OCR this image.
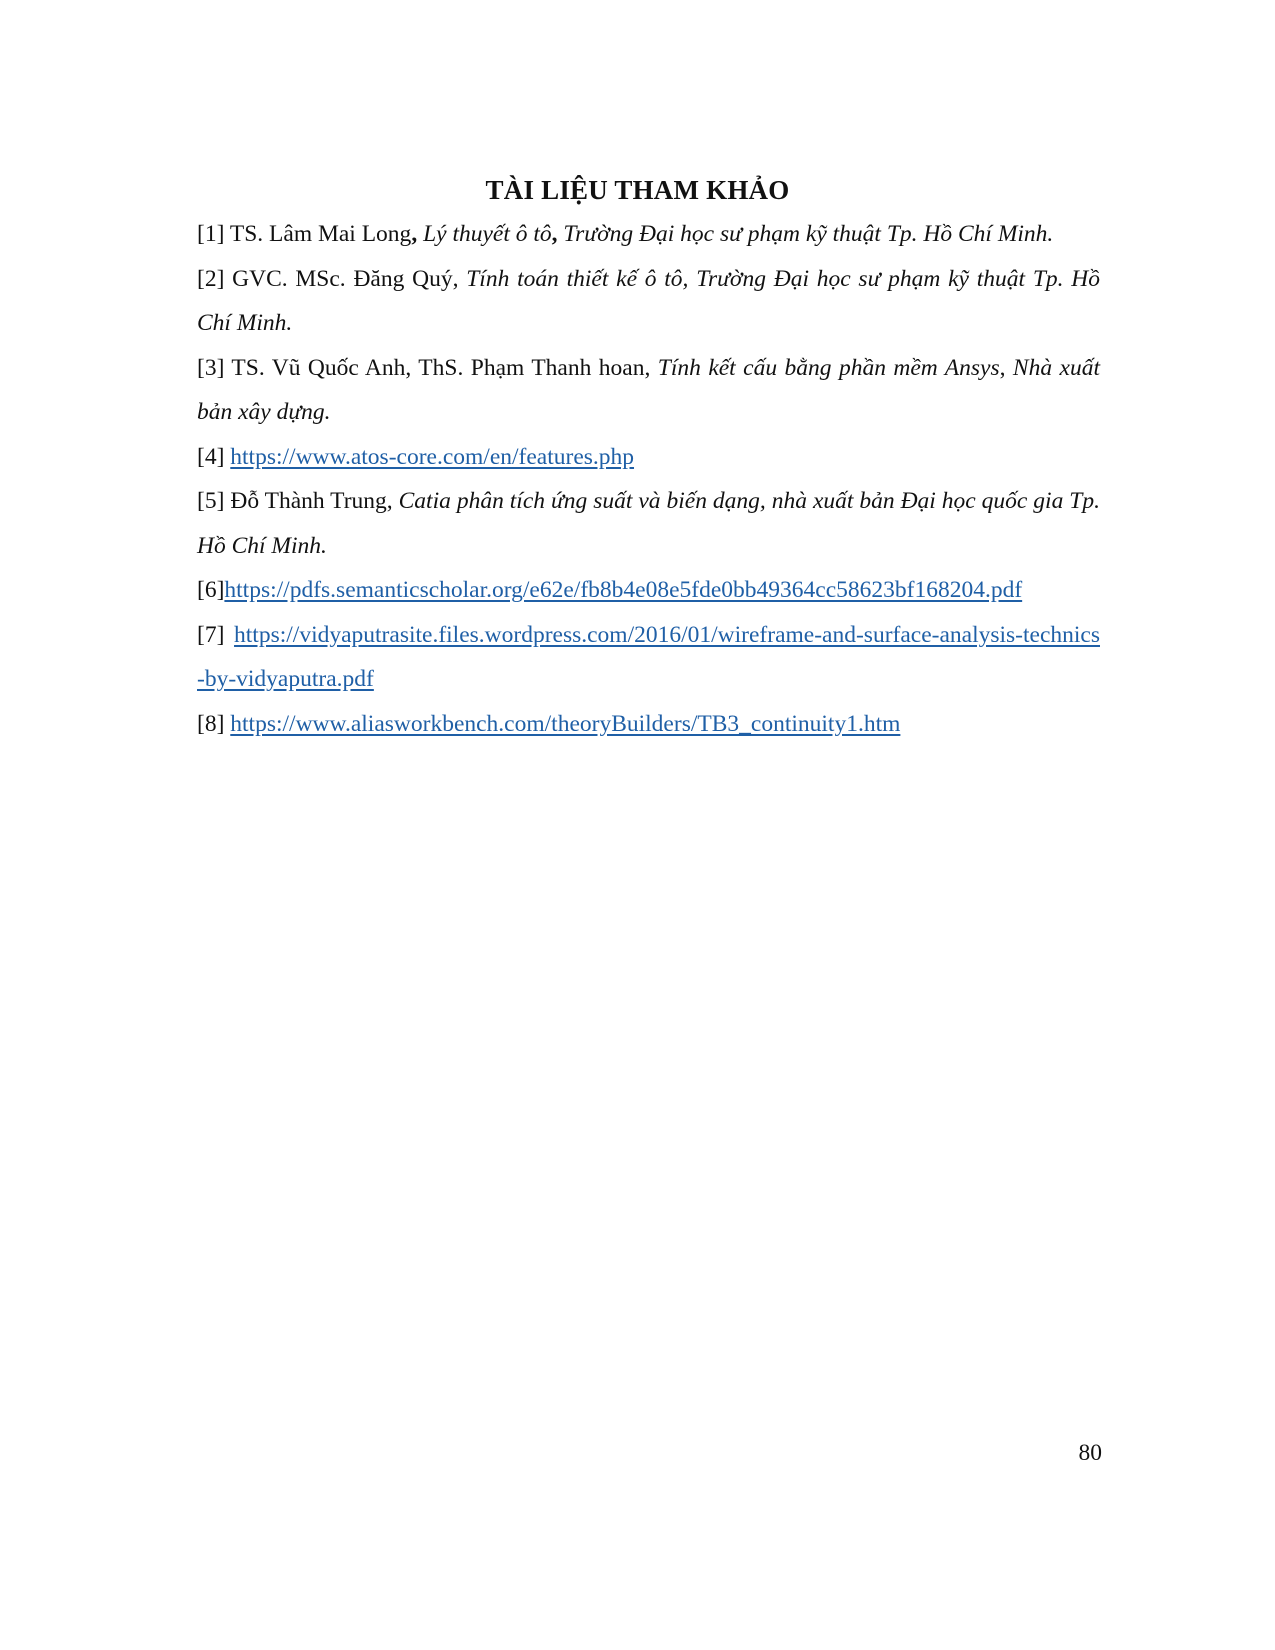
TÀI LIỆU THAM KHẢO

[1] TS. Lâm Mai Long, Lý thuyết ô tô, Trường Đại học sư phạm kỹ thuật Tp. Hồ Chí Minh.

[2] GVC. MSc. Đăng Quý, Tính toán thiết kế ô tô, Trường Đại học sư phạm kỹ thuật Tp. Hồ Chí Minh.

[3] TS. Vũ Quốc Anh, ThS. Phạm Thanh hoan, Tính kết cấu bằng phần mềm Ansys, Nhà xuất bản xây dựng.

[4] https://www.atos-core.com/en/features.php

[5] Đỗ Thành Trung, Catia phân tích ứng suất và biến dạng, nhà xuất bản Đại học quốc gia Tp. Hồ Chí Minh.

[6]https://pdfs.semanticscholar.org/e62e/fb8b4e08e5fde0bb49364cc58623bf168204.pdf

[7] https://vidyaputrasite.files.wordpress.com/2016/01/wireframe-and-surface-analysis-technics-by-vidyaputra.pdf

[8] https://www.aliasworkbench.com/theoryBuilders/TB3_continuity1.htm

80
